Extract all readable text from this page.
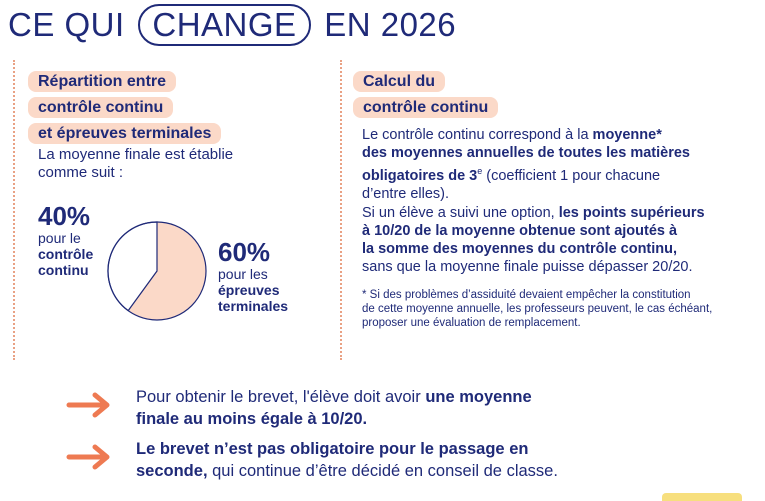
CE QUI CHANGE EN 2026
Répartition entre
contrôle continu
et épreuves terminales
La moyenne finale est établie
comme suit :
40%
pour le
contrôle
continu
60%
pour les
épreuves
terminales
Calcul du
contrôle continu
Le contrôle continu correspond à la moyenne*
des moyennes annuelles de toutes les matières
obligatoires de 3e (coefficient 1 pour chacune
d’entre elles).
Si un élève a suivi une option, les points supérieurs
à 10/20 de la moyenne obtenue sont ajoutés à
la somme des moyennes du contrôle continu,
sans que la moyenne finale puisse dépasser 20/20.
* Si des problèmes d’assiduité devaient empêcher la constitution
de cette moyenne annuelle, les professeurs peuvent, le cas échéant,
proposer une évaluation de remplacement.
Pour obtenir le brevet, l'élève doit avoir une moyenne
finale au moins égale à 10/20.
Le brevet n’est pas obligatoire pour le passage en
seconde, qui continue d’être décidé en conseil de classe.
